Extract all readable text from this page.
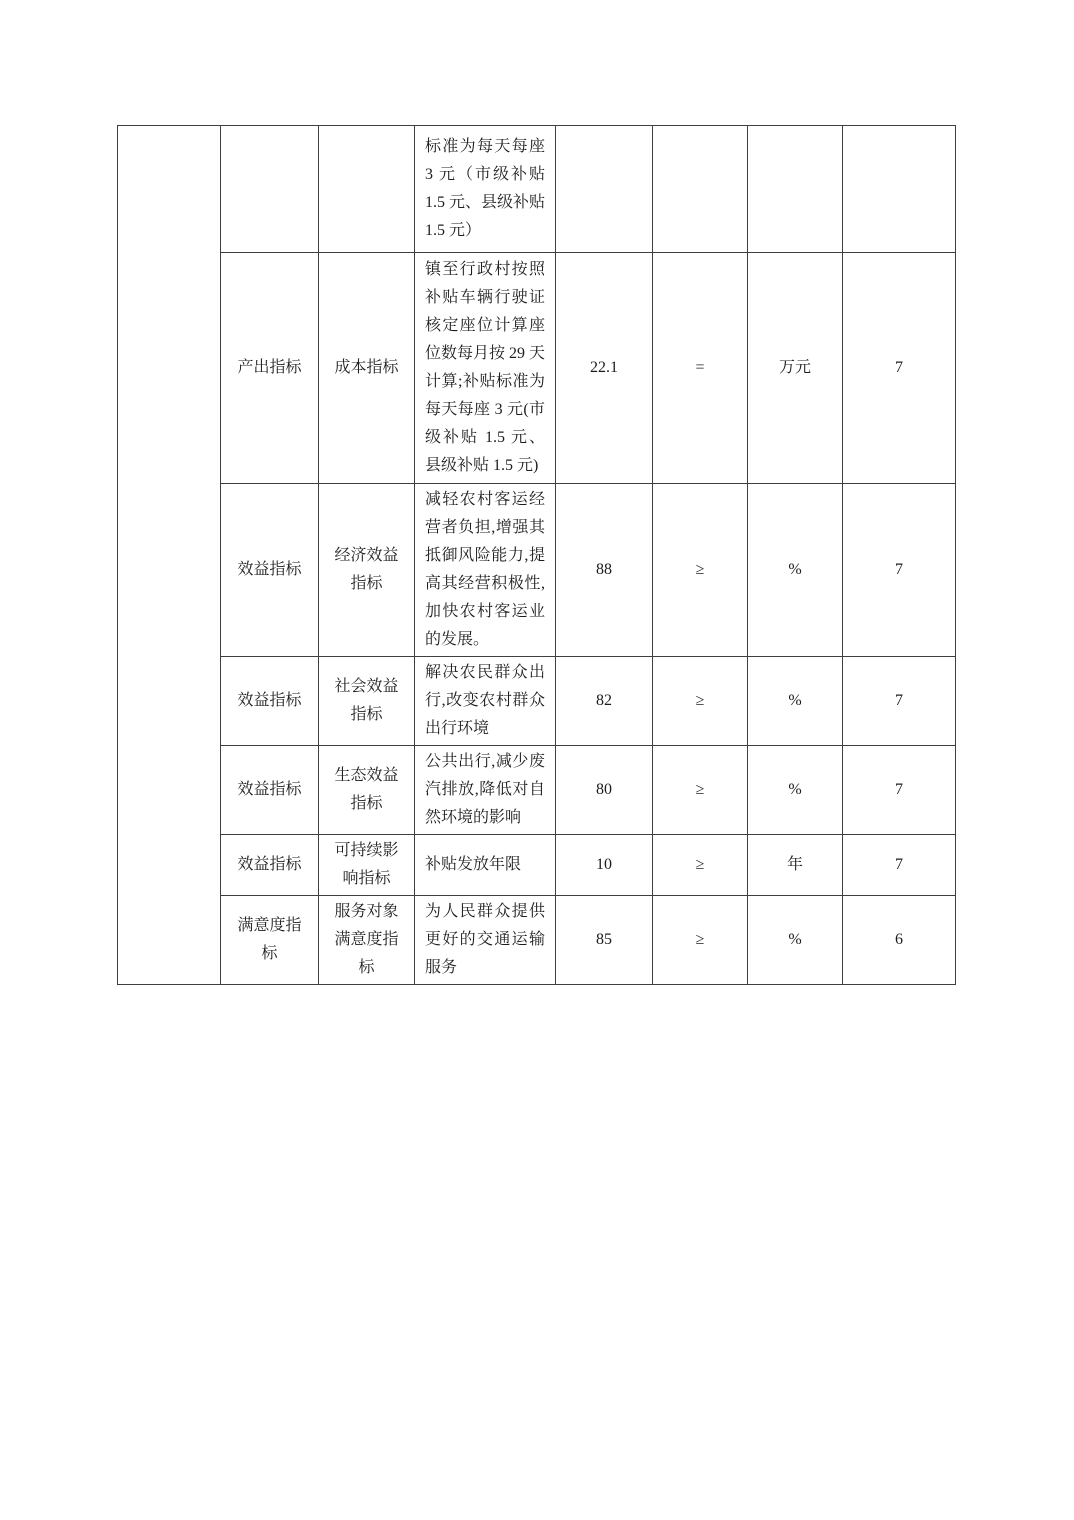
			标准为每天每座 3 元（市级补贴 1.5 元、县级补贴 1.5 元）				
	产出指标	成本指标	镇至行政村按照补贴车辆行驶证核定座位计算座位数每月按 29 天计算;补贴标准为每天每座 3 元(市级补贴 1.5 元、县级补贴 1.5 元)	22.1	=	万元	7
	效益指标	经济效益指标	减轻农村客运经营者负担,增强其抵御风险能力,提高其经营积极性,加快农村客运业的发展。	88	≥	%	7
	效益指标	社会效益指标	解决农民群众出行,改变农村群众出行环境	82	≥	%	7
	效益指标	生态效益指标	公共出行,减少废汽排放,降低对自然环境的影响	80	≥	%	7
	效益指标	可持续影响指标	补贴发放年限	10	≥	年	7
	满意度指标	服务对象满意度指标	为人民群众提供更好的交通运输服务	85	≥	%	6
